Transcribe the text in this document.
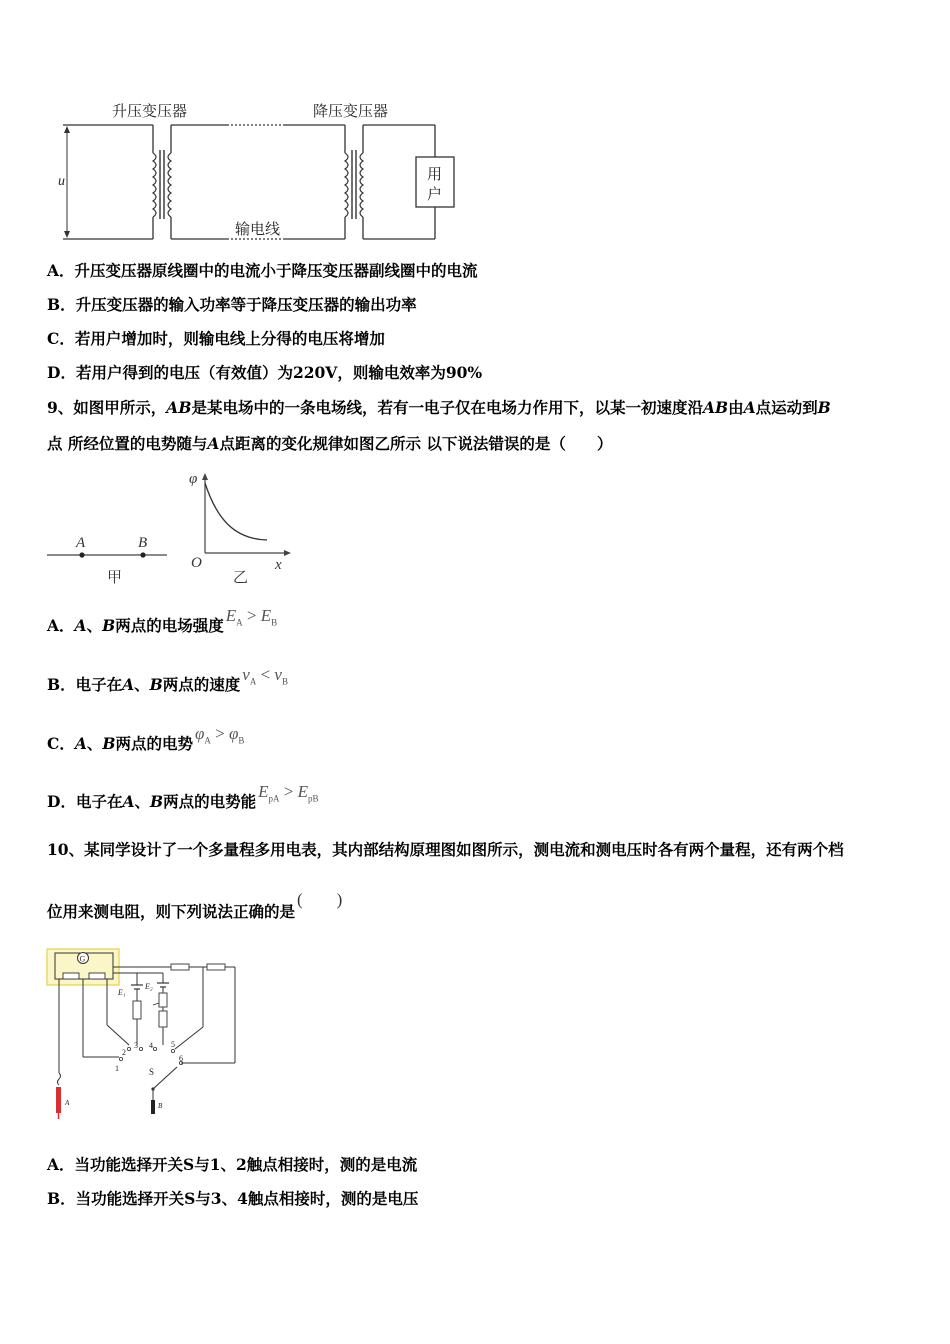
升压变压器	降压变压器
u
输电线
用
户
A．升压变压器原线圈中的电流小于降压变压器副线圈中的电流
B．升压变压器的输入功率等于降压变压器的输出功率
C．若用户增加时，则输电线上分得的电压将增加
D．若用户得到的电压（有效值）为220V，则输电效率为90%
9、如图甲所示，AB是某电场中的一条电场线，若有一电子仅在电场力作用下，以某一初速度沿AB由A点运动到B
点 所经位置的电势随与A点距离的变化规律如图乙所示 以下说法错误的是（　　）
A	B
甲
φ
O	x
乙
A．A、B两点的电场强度$E_A > E_B$
B．电子在A、B两点的速度$v_A < v_B$
C．A、B两点的电势$\varphi_A > \varphi_B$
D．电子在A、B两点的电势能$E_{pA} > E_{pB}$
10、某同学设计了一个多量程多用电表，其内部结构原理图如图所示，测电流和测电压时各有两个量程，还有两个档
位用来测电阻，则下列说法正确的是(　　)
G
E₁
E₂
2
1
3 4 5
6
S
B
A
A．当功能选择开关S与1、2触点相接时，测的是电流
B．当功能选择开关S与3、4触点相接时，测的是电压
